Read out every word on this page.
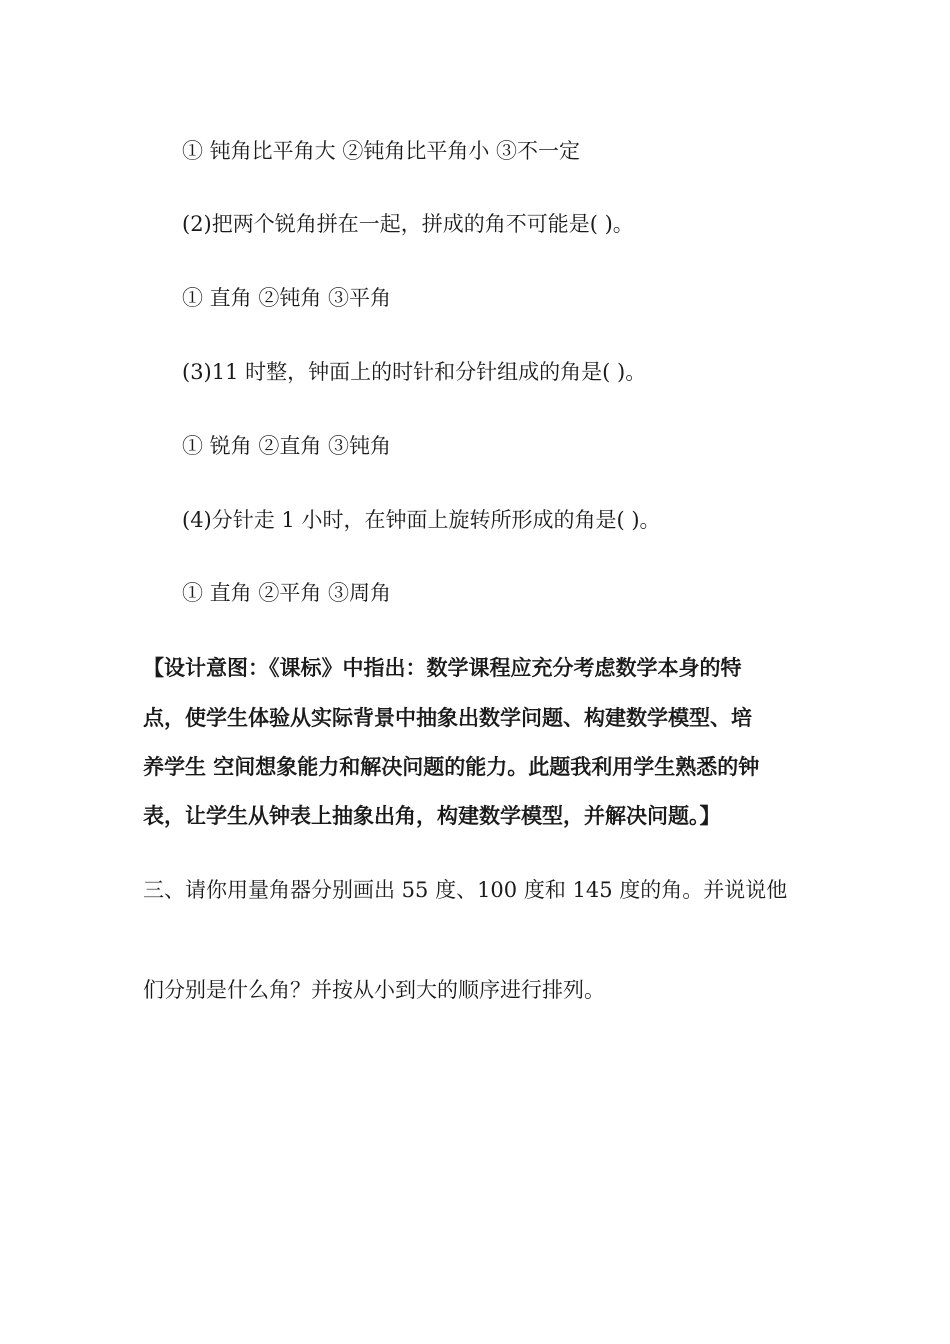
① 钝角比平角大 ②钝角比平角小 ③不一定
(2)把两个锐角拼在一起，拼成的角不可能是( )。
① 直角 ②钝角 ③平角
(3)11 时整，钟面上的时针和分针组成的角是( )。
① 锐角 ②直角 ③钝角
(4)分针走 1 小时，在钟面上旋转所形成的角是( )。
① 直角 ②平角 ③周角
【设计意图：《课标》中指出：数学课程应充分考虑数学本身的特
点，使学生体验从实际背景中抽象出数学问题、构建数学模型、培
养学生 空间想象能力和解决问题的能力。此题我利用学生熟悉的钟
表，让学生从钟表上抽象出角，构建数学模型，并解决问题。】
三、请你用量角器分别画出 55 度、100 度和 145 度的角。并说说他
们分别是什么角？并按从小到大的顺序进行排列。
